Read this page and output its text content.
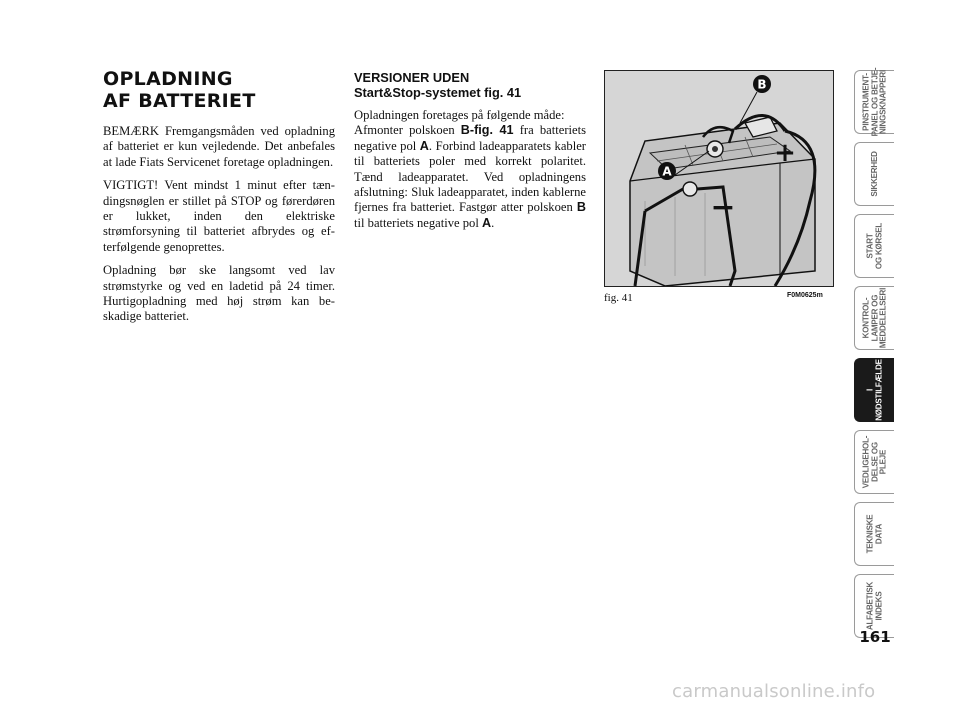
OPLADNING
AF BATTERIET

BEMÆRK Fremgangsmåden ved opladning af batteriet er kun vejledende. Det anbefales at lade Fiats Servicenet foretage opladningen.

VIGTIGT! Vent mindst 1 minut efter tændingsnøglen er stillet på STOP og førerdøren er lukket, inden den elektriske strømforsyning til batteriet afbrydes og efterfølgende genoprettes.

Opladning bør ske langsomt ved lav strømstyrke og ved en ladetid på 24 timer. Hurtigopladning med høj strøm kan beskadige batteriet.

VERSIONER UDEN
Start&Stop-systemet fig. 41

Opladningen foretages på følgende måde:

Afmonter polskoen B-fig. 41 fra batteriets negative pol A. Forbind ladeapparatets kabler til batteriets poler med korrekt polaritet. Tænd ladeapparatet. Ved opladningens afslutning: Sluk ladeapparatet, inden kablerne fjernes fra batteriet. Fastgør atter polskoen B til batteriets negative pol A.

A
B
+
−
fig. 41	F0M0625m
PINSTRUMENT-
PANEL OG BETJE-
NINGSKNAPPERI
SIKKERHED
START
OG KØRSEL
KONTROL-
LAMPER OG
MEDDELELSERI
I
NØDSTILFÆLDE
VEDLIGEHOL-
DELSE OG
PLEJE
TEKNISKE
DATA
ALFABETISK
INDEKS
161
carmanualsonline.info
